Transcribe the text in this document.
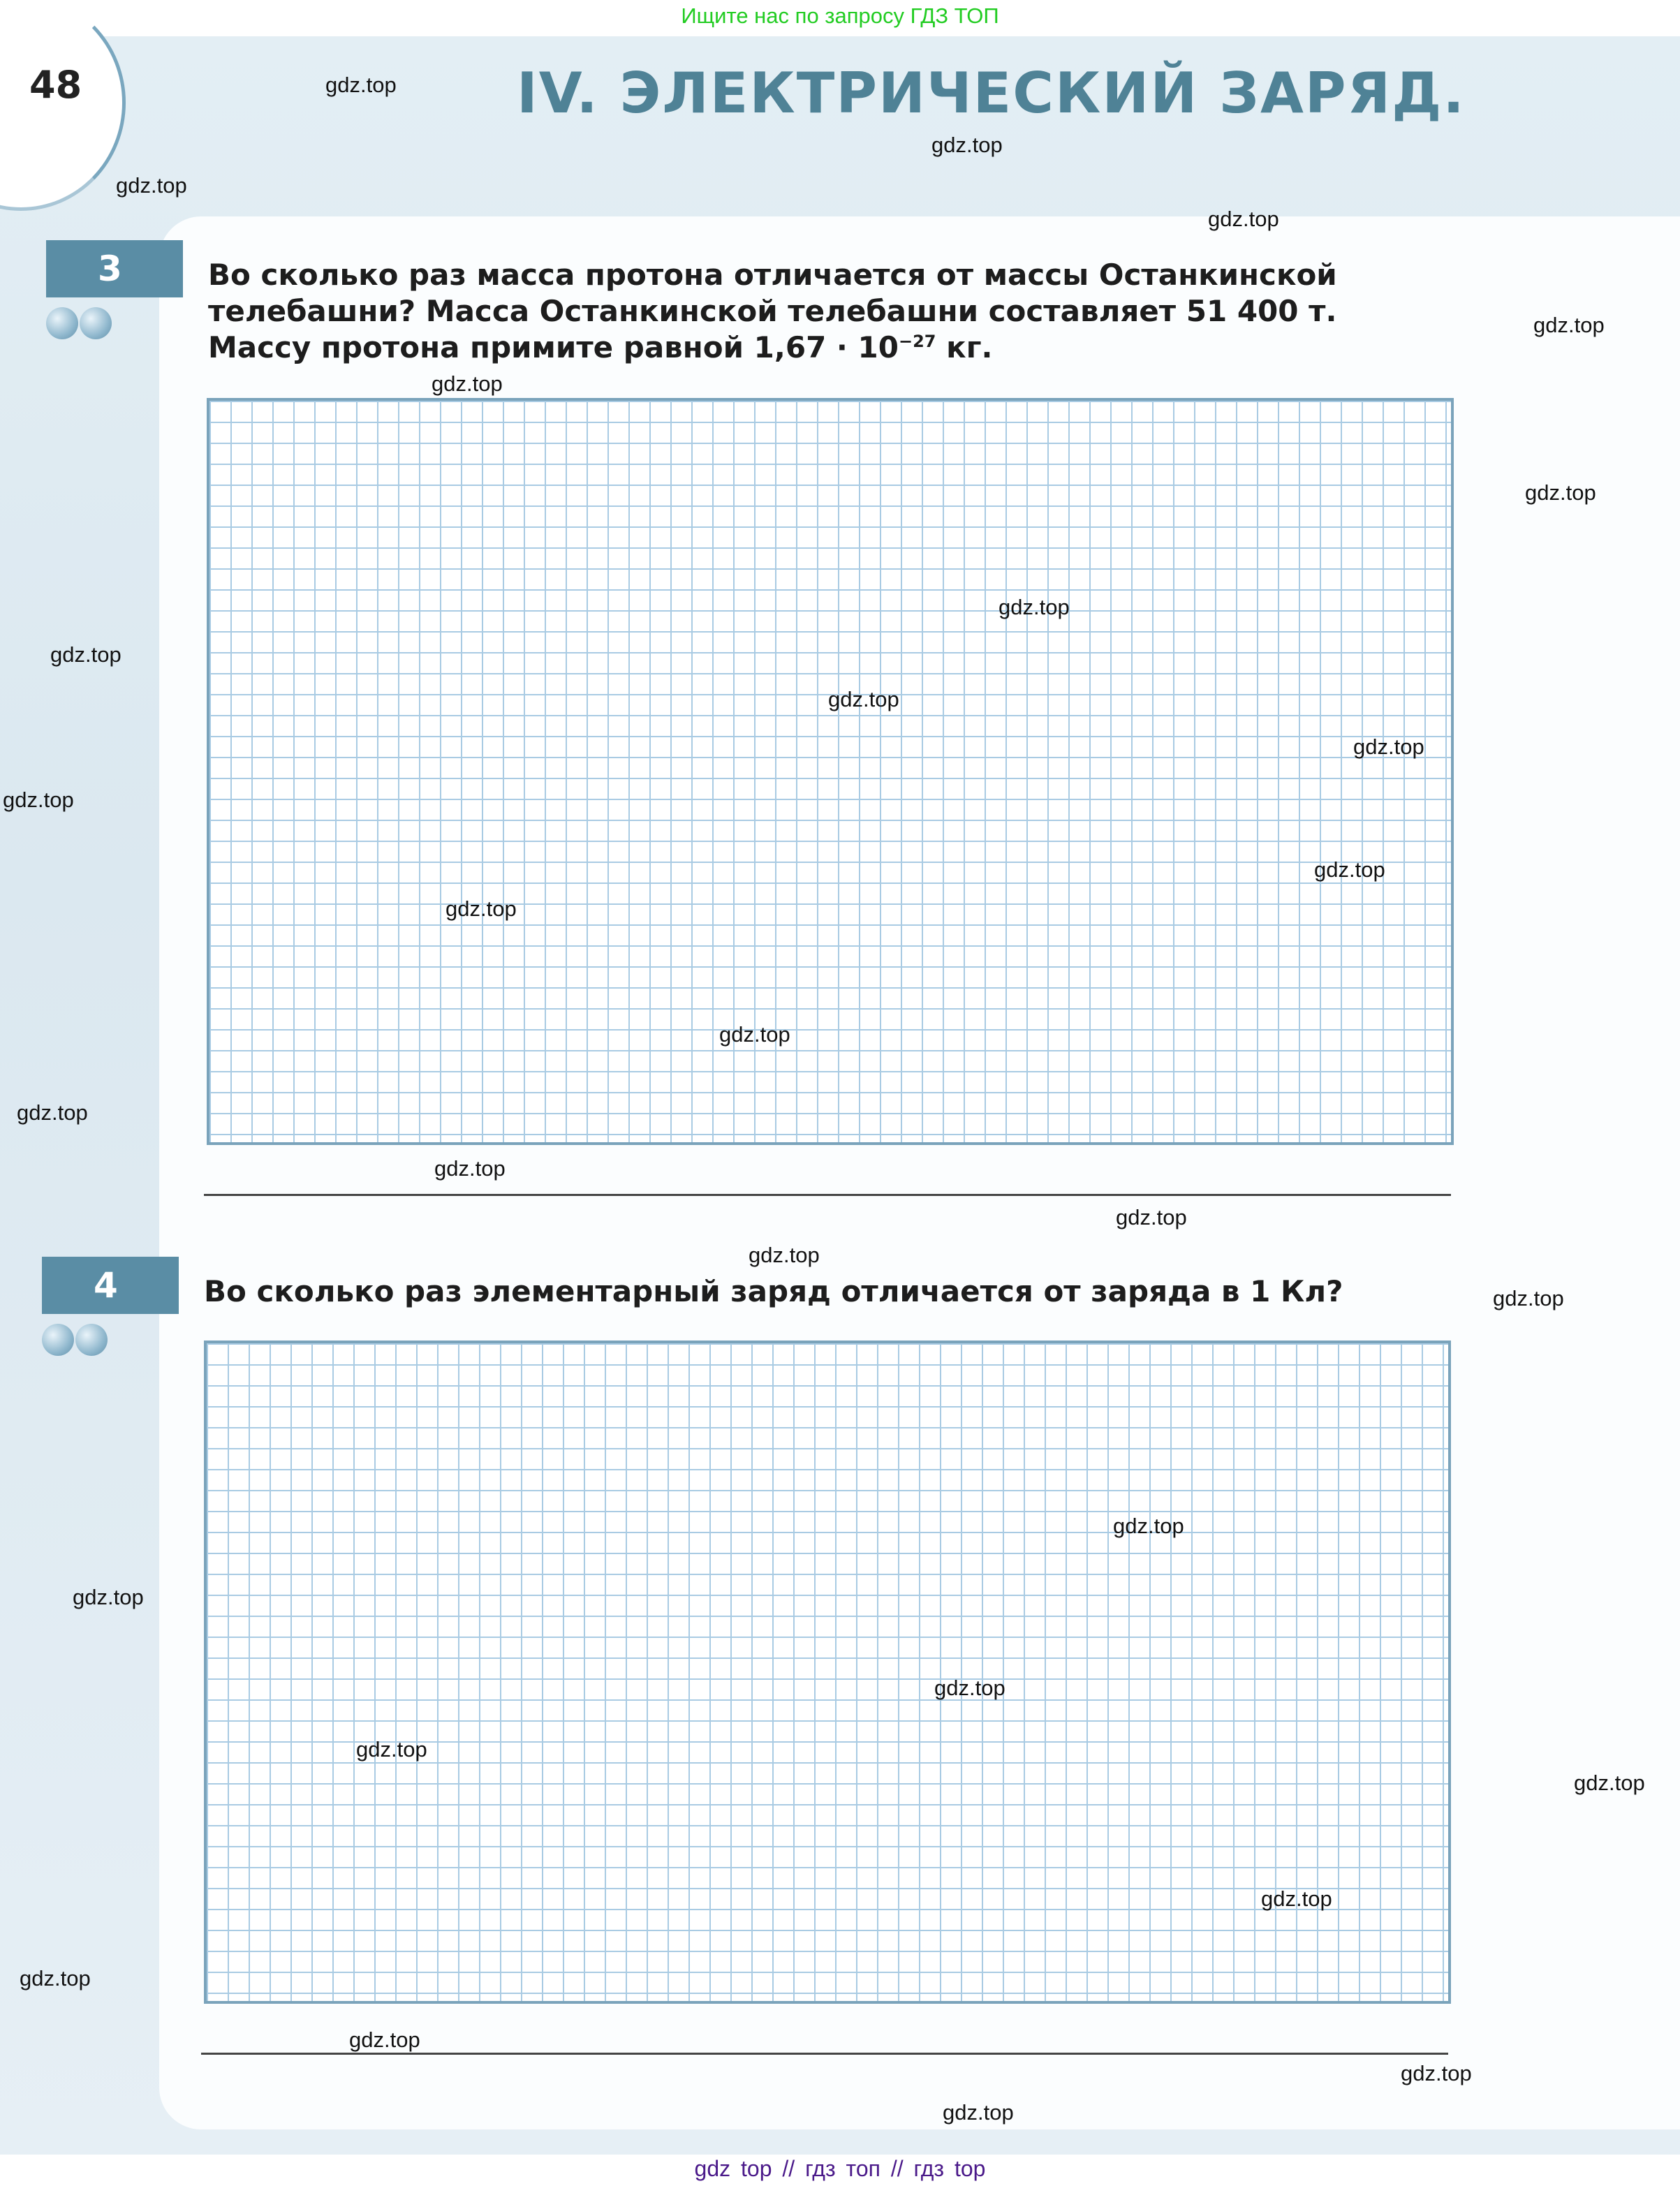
Ищите нас по запросу ГДЗ ТОП
48	IV. ЭЛЕКТРИЧЕСКИЙ ЗАРЯД.
3	Во сколько раз масса протона отличается от массы Останкинской
телебашни? Масса Останкинской телебашни составляет 51 400 т.
Массу протона примите равной $1,67 \cdot 10^{-27}$ кг.
4	Во сколько раз элементарный заряд отличается от заряда в 1 Кл?
gdz.top
gdz.top
gdz.top
gdz.top
gdz.top
gdz.top
gdz.top
gdz.top
gdz.top
gdz.top
gdz.top
gdz.top
gdz.top
gdz.top
gdz.top
gdz.top
gdz.top
gdz.top
gdz.top
gdz.top
gdz.top
gdz.top
gdz.top
gdz.top
gdz.top
gdz.top
gdz.top
gdz.top
gdz.top
gdz.top
gdz top // гдз топ // гдз top
